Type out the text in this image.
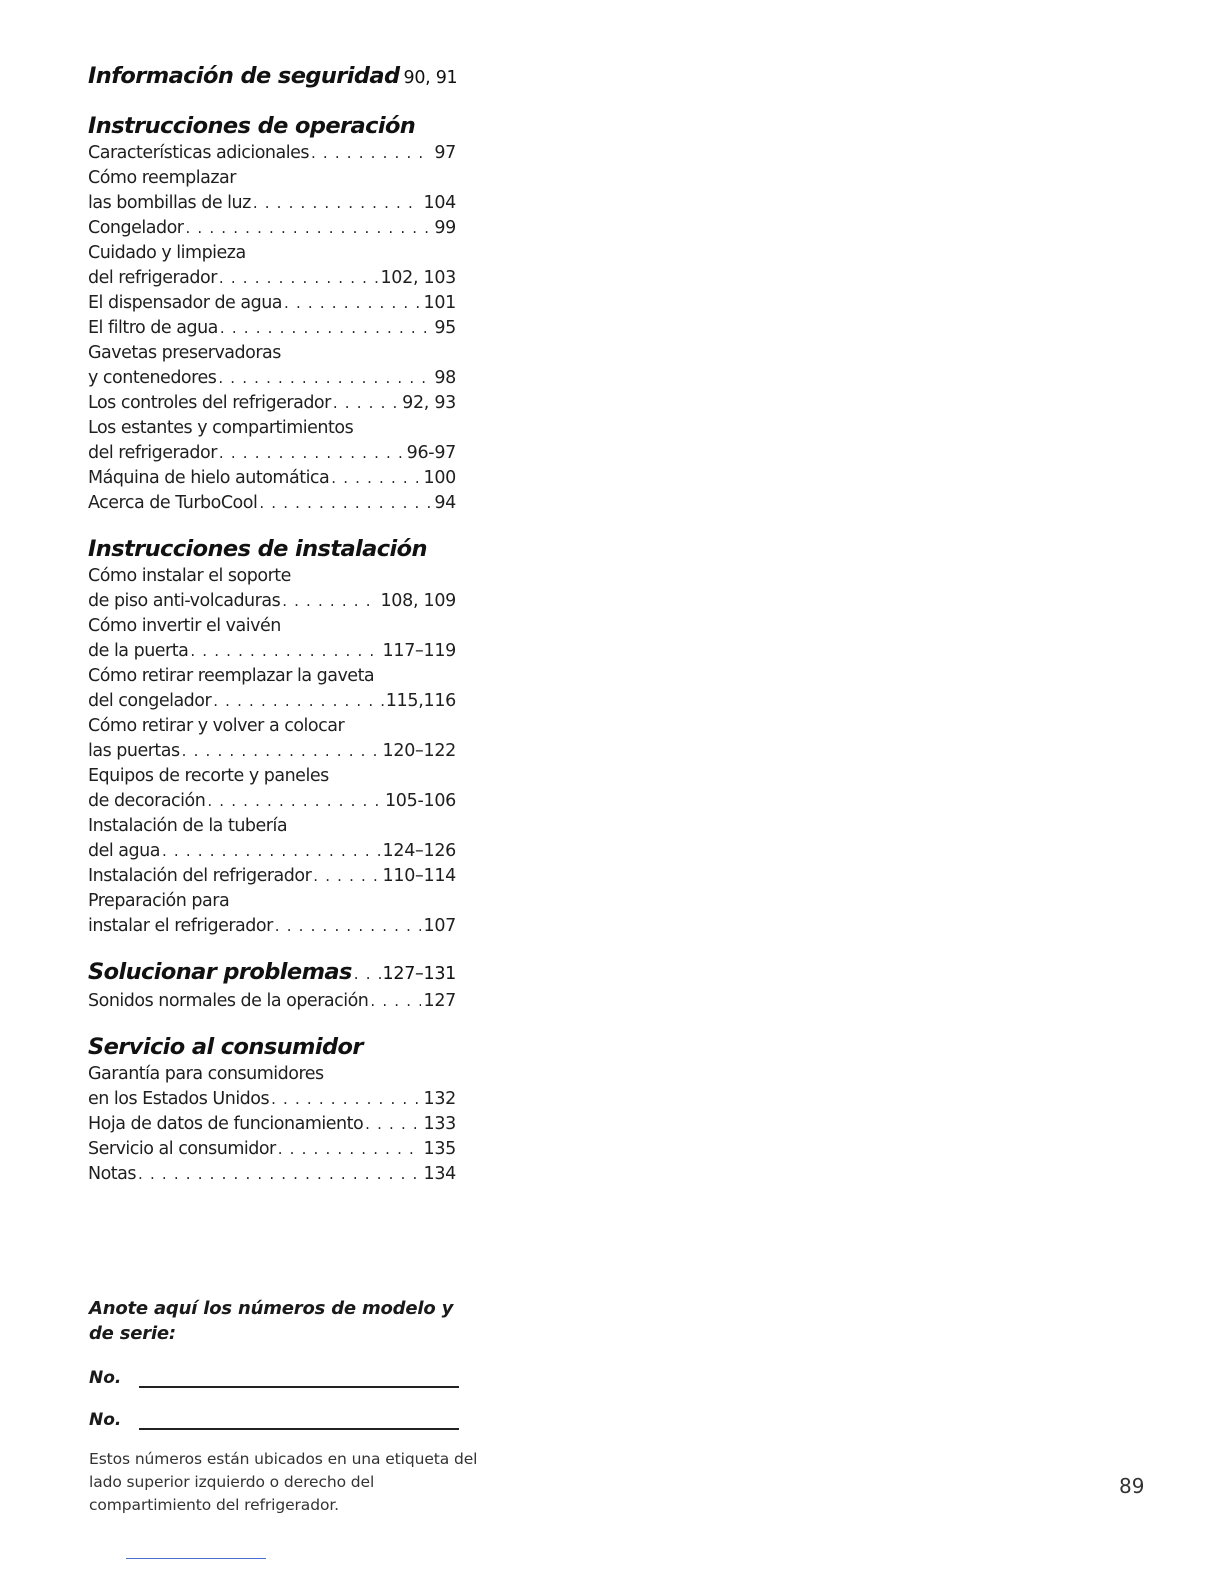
Información de seguridad 90, 91
Instrucciones de operación
Características adicionales . . .	97
Cómo reemplazar
las bombillas de luz . . .	104
Congelador . . .	99
Cuidado y limpieza
del refrigerador . . .	102, 103
El dispensador de agua . . .	101
El filtro de agua . . .	95
Gavetas preservadoras
y contenedores . . .	98
Los controles del refrigerador . . .	92, 93
Los estantes y compartimientos
del refrigerador . . .	96-97
Máquina de hielo automática . . .	100
Acerca de TurboCool . . .	94
Instrucciones de instalación
Cómo instalar el soporte
de piso anti-volcaduras . . .	108, 109
Cómo invertir el vaivén
de la puerta . . .	117–119
Cómo retirar reemplazar la gaveta
del congelador . . .	115,116
Cómo retirar y volver a colocar
las puertas . . .	120–122
Equipos de recorte y paneles
de decoración . . .	105-106
Instalación de la tubería
del agua . . .	124–126
Instalación del refrigerador . . .	110–114
Preparación para
instalar el refrigerador . . .	107
Solucionar problemas . . . 127–131
Sonidos normales de la operación . . .	127
Servicio al consumidor
Garantía para consumidores
en los Estados Unidos . . .	132
Hoja de datos de funcionamiento . . .	133
Servicio al consumidor . . .	135
Notas . . .	134
Anote aquí los números de modelo y de serie:
No.
No.
Estos números están ubicados en una etiqueta del lado superior izquierdo o derecho del compartimiento del refrigerador.
89
